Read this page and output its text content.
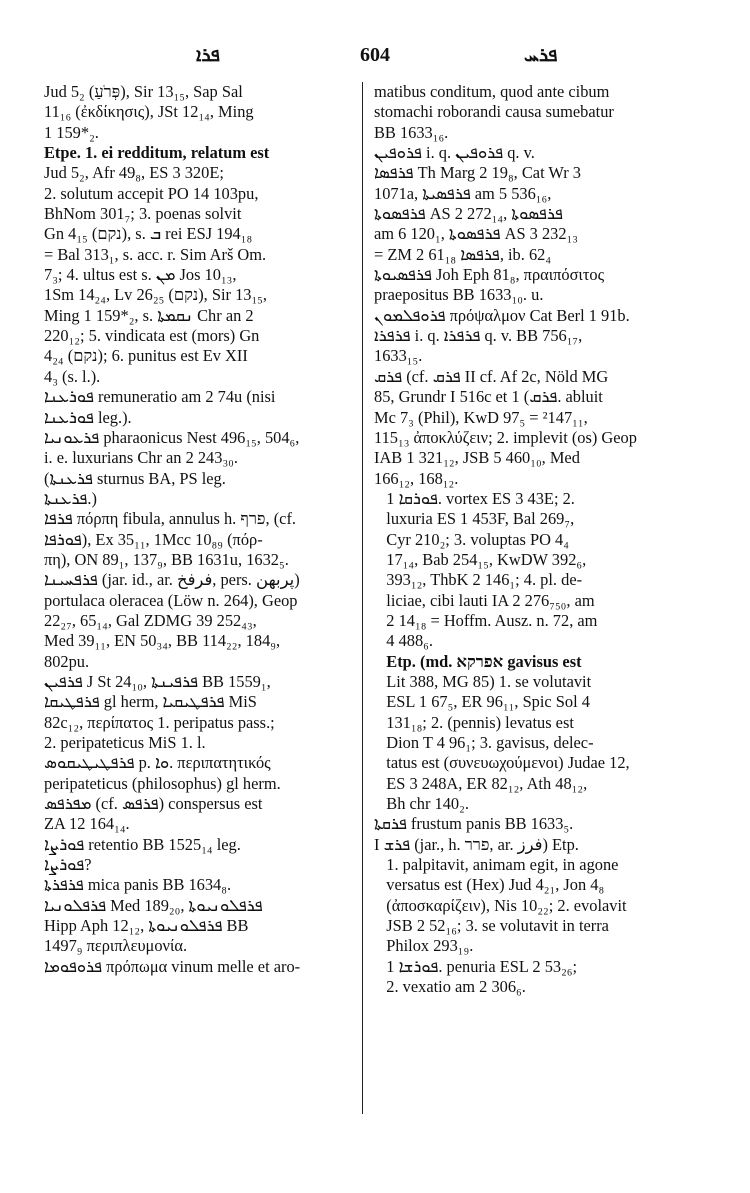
ܦܪܐ	604	ܦܪܚ
Jud 5₂ (פְּרֹעַ), Sir 13₁₅, Sap Sal
11₁₆ (ἐκδίκησις), JSt 12₁₄, Ming
1 159*₂.
Etpe. 1. ei redditum, relatum est
Jud 5₂, Afr 49₈, ES 3 320E;
2. solutum accepit PO 14 103pu,
BhNom 301₇; 3. poenas solvit
Gn 4₁₅ (נקם), s. ܒ rei ESJ 194₁₈
= Bal 313₁, s. acc. r. Sim Arš Om.
7₃; 4. ultus est s. ܡܢ Jos 10₁₃,
1Sm 14₂₄, Lv 26₂₅ (נקם), Sir 13₁₅,
Ming 1 159*₂, s. ܢܩܡܬܐ Chr an 2
220₁₂; 5. vindicata est (mors) Gn
4₂₄ (נקם); 6. punitus est Ev XII
4₃ (s. l.).
ܦܘܪܥܢܐ remuneratio am 2 74u (nisi
ܦܘܪܥܢܐ leg.).
ܦܪܥܘܢܝܐ pharaonicus Nest 496₁₅, 504₆,
i. e. luxurians Chr an 2 243₃₀.
(ܦܪܥܢܬܐ sturnus BA, PS leg.
ܦܪܥܢܬܐ.)
ܦܪܦܐ πόρπη fibula, annulus h. פרף, (cf.
ܦܘܪܦܐ), Ex 35₁₁, 1Mcc 10₈₉ (πόρ-
πη), ON 89₁, 137₉, BB 1631u, 1632₅.
ܦܪܦܚܝܢܐ (jar. id., ar. فرفخ, pers. پربهن)
portulaca oleracea (Löw n. 264), Geop
22₂₇, 65₁₄, Gal ZDMG 39 252₄₃,
Med 39₁₁, EN 50₃₄, BB 114₂₂, 184₉,
802pu.
ܦܪܦܝܢ J St 24₁₀, ܦܪܦܝܢܬܐ BB 1559₁,
ܦܪܦܛܝܩܐ gl herm, ܦܪܦܛܝܩܝܐ MiS
82c₁₂, περίπατος 1. peripatus pass.;
2. peripateticus MiS 1. l.
ܦܪܦܛܝܛܝܩܘܣ p. ܘܐ. περιπατητικός
peripateticus (philosophus) gl herm.
ܡܦܪܦܣ (cf. ܦܪܦܣ) conspersus est
ZA 12 164₁₄.
ܦܘܪܨܐ retentio BB 1525₁₄ leg.
ܦܘܪܨܐ?
ܦܪܦܪܬܐ mica panis BB 1634₈.
ܦܪܦܠܘܢܝܐ Med 189₂₀, ܦܪܦܠܘܢܝܘܬܐ
Hipp Aph 12₁₂, ܦܪܦܠܘܢܝܘܬܐ BB
1497₉ περιπλευμονία.
ܦܪܘܦܘܡܐ πρόπωμα vinum melle et aro-
matibus conditum, quod ante cibum
stomachi roborandi causa sumebatur
BB 1633₁₆.
ܦܪܘܦܝܢ i. q. ܦܪܘܦܝܢ q. v.
ܦܪܦܣܐ Th Marg 2 19₈, Cat Wr 3
1071a, ܦܪܦܣܝܬܐ am 5 536₁₆,
ܦܪܦܣܘܬܐ AS 2 272₁₄, ܦܪܦܣܘܬܐ
am 6 120₁, ܦܪܦܣܘܬܐ AS 3 232₁₃
= ZM 2 61₁₈ ܦܪܦܣܐ, ib. 62₄
ܦܪܦܣܝܘܬܐ Joh Eph 81₈, πραιπόσιτος
praepositus BB 1633₁₀. u.
ܦܪܘܦܠܡܘܢ πρόψαλμον Cat Berl 1 91b.
ܦܪܦܪܐ i. q. ܦܪܦܪܐ q. v. BB 756₁₇,
1633₁₅.
ܦܪܩ (cf. ܦܪܩ II cf. Af 2c, Nöld MG
85, Grundr I 516c et ܦܪܩ) 1. abluit
Mc 7₃ (Phil), KwD 97₅ = ²147₁₁,
115₁₃ ἀποκλύζειν; 2. implevit (os) Geop
IAB 1 321₁₂, JSB 5 460₁₀, Med
166₁₂, 168₁₂.
ܦܘܪܩܐ 1. vortex ES 3 43E; 2.
luxuria ES 1 453F, Bal 269₇,
Cyr 210₂; 3. voluptas PO 4₄
17₁₄, Bab 254₁₅, KwDW 392₆,
393₁₂, ThbK 2 146₁; 4. pl. de-
liciae, cibi lauti IA 2 276₇₅₀, am
2 14₁₈ = Hoffm. Ausz. n. 72, am
4 488₆.
Etp. (md. אפרקא gavisus est
Lit 388, MG 85) 1. se volutavit
ESL 1 67₅, ER 96₁₁, Spic Sol 4
131₁₈; 2. (pennis) levatus est
Dion T 4 96₁; 3. gavisus, delec-
tatus est (συνευωχούμενοι) Judae 12,
ES 3 248A, ER 82₁₂, Ath 48₁₂,
Bh chr 140₂.
ܦܪܩܬܐ frustum panis BB 1633₅.
I ܦܪܫ (jar., h. פרר, ar. فرز) Etp.
1. palpitavit, animam egit, in agone
versatus est (Hex) Jud 4₂₁, Jon 4₈
(ἀποσκαρίζειν), Nis 10₂₂; 2. evolavit
JSB 2 52₁₆; 3. se volutavit in terra
Philox 293₁₉.
ܦܘܪܫܐ 1. penuria ESL 2 53₂₆;
2. vexatio am 2 306₆.
